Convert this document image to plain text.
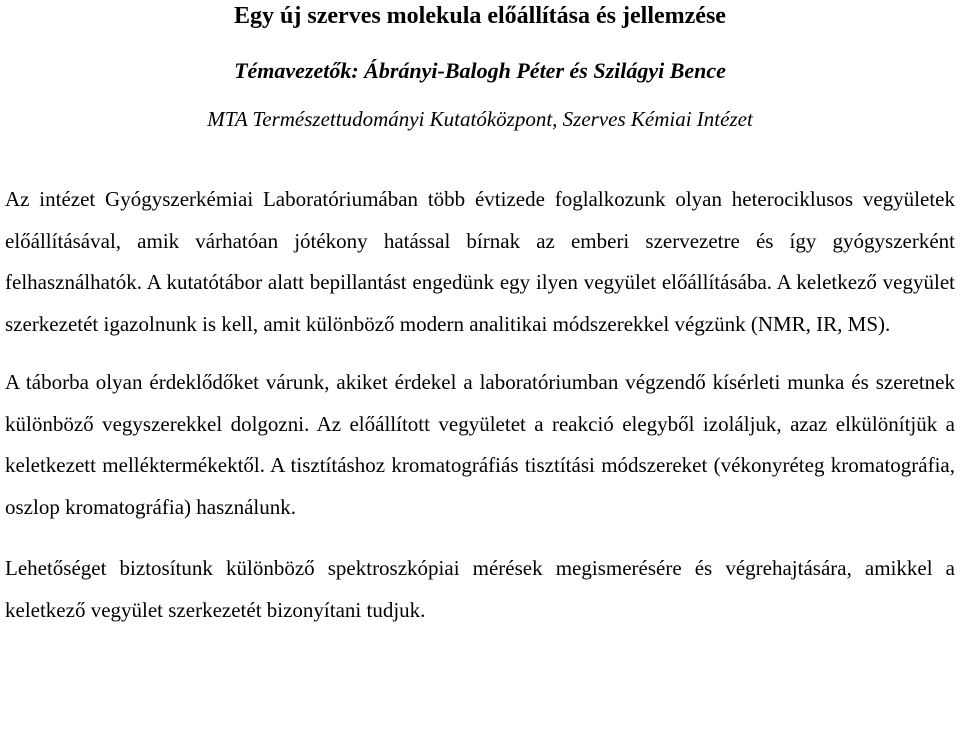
Egy új szerves molekula előállítása és jellemzése

Témavezetők: Ábrányi-Balogh Péter és Szilágyi Bence

MTA Természettudományi Kutatóközpont, Szerves Kémiai Intézet

Az intézet Gyógyszerkémiai Laboratóriumában több évtizede foglalkozunk olyan heterociklusos vegyületek előállításával, amik várhatóan jótékony hatással bírnak az emberi szervezetre és így gyógyszerként felhasználhatók. A kutatótábor alatt bepillantást engedünk egy ilyen vegyület előállításába. A keletkező vegyület szerkezetét igazolnunk is kell, amit különböző modern analitikai módszerekkel végzünk (NMR, IR, MS).

A táborba olyan érdeklődőket várunk, akiket érdekel a laboratóriumban végzendő kísérleti munka és szeretnek különböző vegyszerekkel dolgozni. Az előállított vegyületet a reakció elegyből izoláljuk, azaz elkülönítjük a keletkezett melléktermékektől. A tisztításhoz kromatográfiás tisztítási módszereket (vékonyréteg kromatográfia, oszlop kromatográfia) használunk.

Lehetőséget biztosítunk különböző spektroszkópiai mérések megismerésére és végrehajtására, amikkel a keletkező vegyület szerkezetét bizonyítani tudjuk.
